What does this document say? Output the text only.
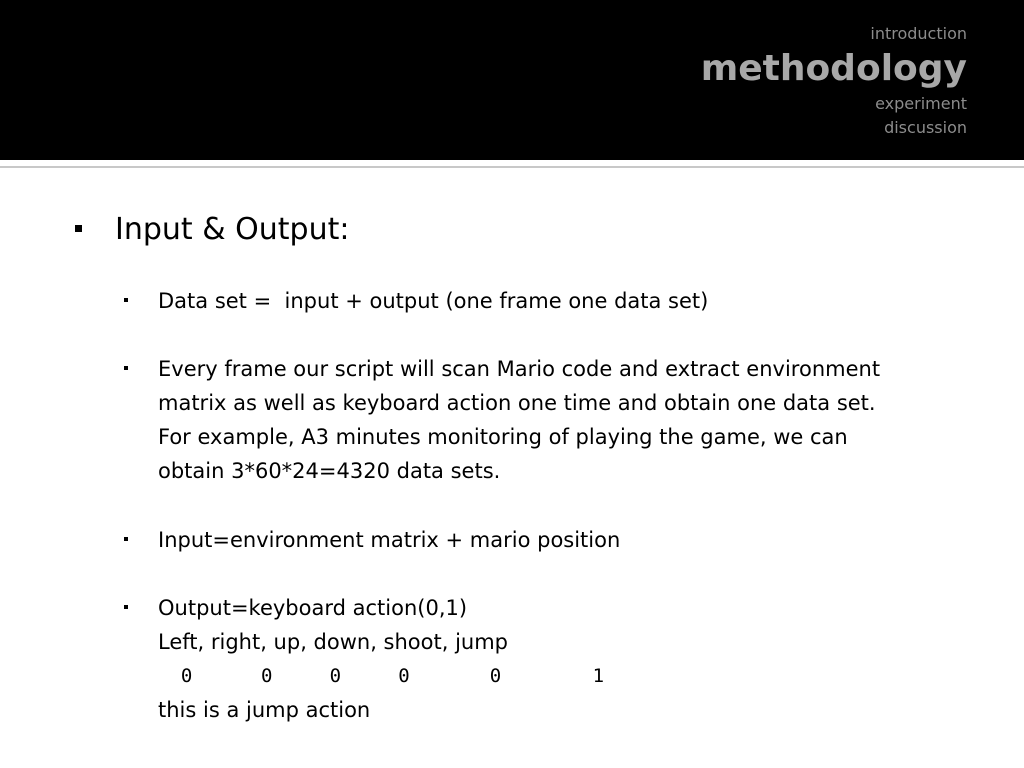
introduction
methodology
experiment
discussion
Input & Output:
Data set =  input + output (one frame one data set)
Every frame our script will scan Mario code and extract environment
matrix as well as keyboard action one time and obtain one data set.
For example, A3 minutes monitoring of playing the game, we can
obtain 3*60*24=4320 data sets.
Input=environment matrix + mario position
Output=keyboard action(0,1)
Left, right, up, down, shoot, jump
0      0     0     0       0        1
this is a jump action
